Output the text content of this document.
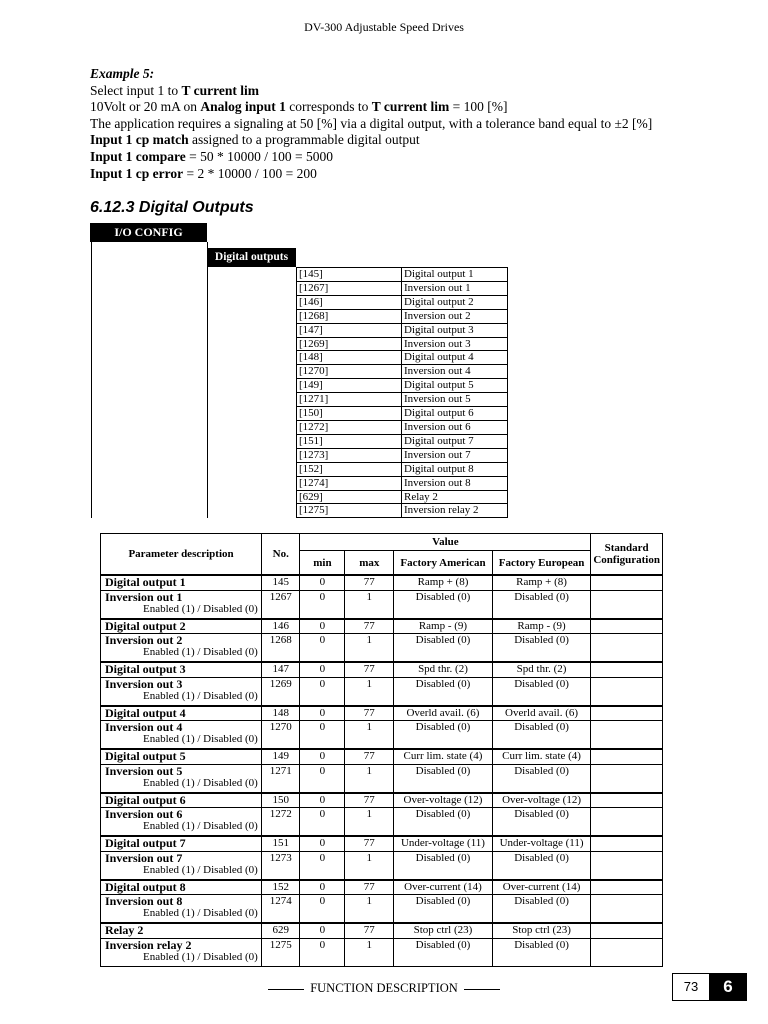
DV-300 Adjustable Speed Drives
Example 5:
Select input 1 to T current lim
10Volt or 20 mA on Analog input 1 corresponds to T current lim = 100 [%]
The application requires a signaling at 50 [%] via a digital output, with a tolerance band equal to ±2 [%]
Input 1 cp match assigned to a programmable digital output
Input 1 compare = 50 * 10000 / 100 = 5000
Input 1 cp error = 2 * 10000 / 100 = 200
6.12.3 Digital Outputs
I/O CONFIG
Digital outputs
[145]	Digital output 1
[1267]	Inversion out 1
[146]	Digital output 2
[1268]	Inversion out 2
[147]	Digital output 3
[1269]	Inversion out 3
[148]	Digital output 4
[1270]	Inversion out 4
[149]	Digital output 5
[1271]	Inversion out 5
[150]	Digital output 6
[1272]	Inversion out 6
[151]	Digital output 7
[1273]	Inversion out 7
[152]	Digital output 8
[1274]	Inversion out 8
[629]	Relay 2
[1275]	Inversion relay 2
Parameter description	No.	Value				Standard Configuration
		min	max	Factory American	Factory European	
Digital output 1	145	0	77	Ramp + (8)	Ramp + (8)	

Inversion out 1
Enabled (1) / Disabled (0)	1267	0	1	Disabled (0)	Disabled (0)	
Digital output 2	146	0	77	Ramp - (9)	Ramp - (9)	

Inversion out 2
Enabled (1) / Disabled (0)	1268	0	1	Disabled (0)	Disabled (0)	
Digital output 3	147	0	77	Spd thr. (2)	Spd thr. (2)	

Inversion out 3
Enabled (1) / Disabled (0)	1269	0	1	Disabled (0)	Disabled (0)	
Digital output 4	148	0	77	Overld avail. (6)	Overld avail. (6)	

Inversion out 4
Enabled (1) / Disabled (0)	1270	0	1	Disabled (0)	Disabled (0)	
Digital output 5	149	0	77	Curr lim. state (4)	Curr lim. state (4)	

Inversion out 5
Enabled (1) / Disabled (0)	1271	0	1	Disabled (0)	Disabled (0)	
Digital output 6	150	0	77	Over-voltage (12)	Over-voltage (12)	

Inversion out 6
Enabled (1) / Disabled (0)	1272	0	1	Disabled (0)	Disabled (0)	
Digital output 7	151	0	77	Under-voltage (11)	Under-voltage (11)	

Inversion out 7
Enabled (1) / Disabled (0)	1273	0	1	Disabled (0)	Disabled (0)	
Digital output 8	152	0	77	Over-current (14)	Over-current (14)	

Inversion out 8
Enabled (1) / Disabled (0)	1274	0	1	Disabled (0)	Disabled (0)	
Relay 2	629	0	77	Stop ctrl (23)	Stop ctrl (23)	

Inversion relay 2
Enabled (1) / Disabled (0)	1275	0	1	Disabled (0)	Disabled (0)	
FUNCTION DESCRIPTION	73	6
